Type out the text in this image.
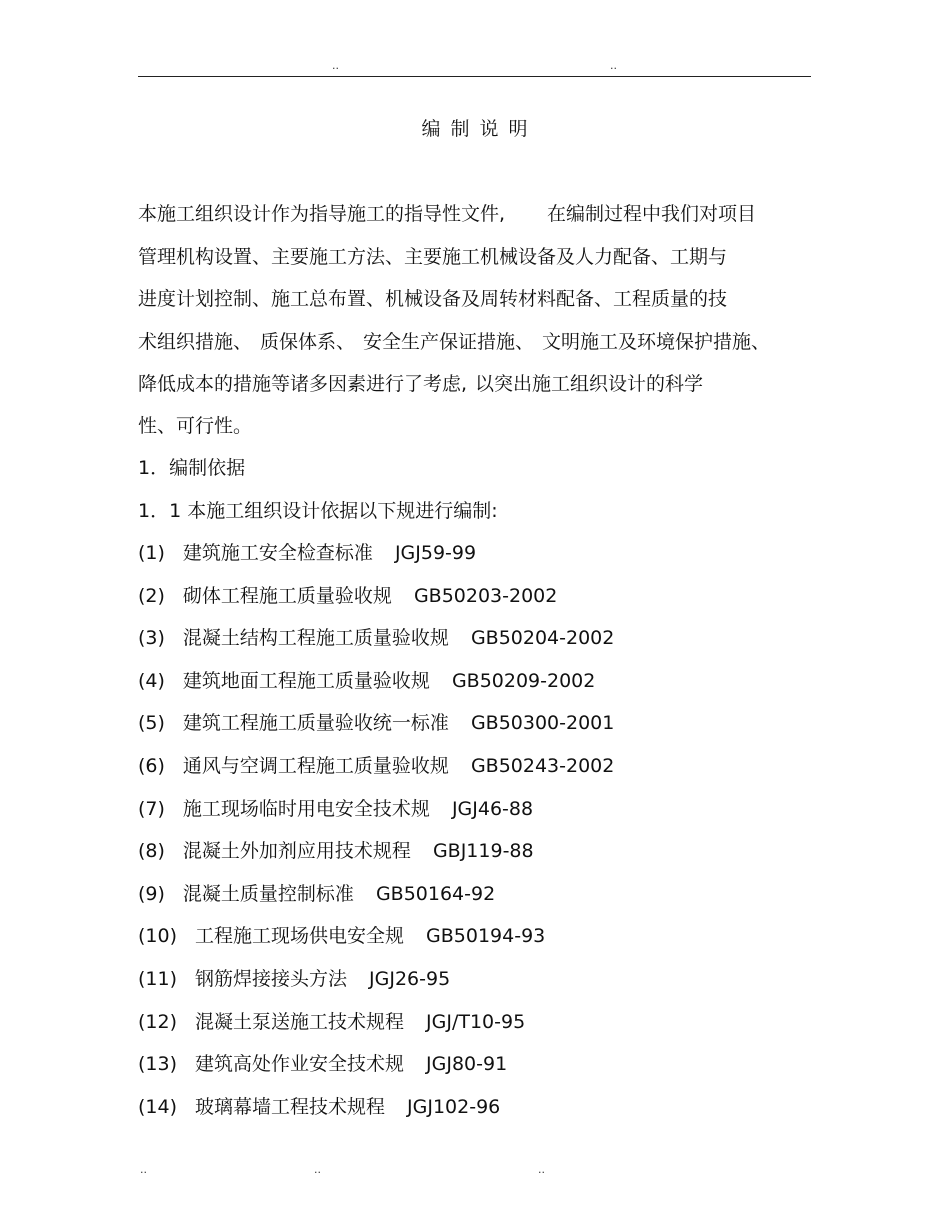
..	..
编制说明
本施工组织设计作为指导施工的指导性文件, 在编制过程中我们对项目
管理机构设置、主要施工方法、主要施工机械设备及人力配备、工期与
进度计划控制、施工总布置、机械设备及周转材料配备、工程质量的技
术组织措施、 质保体系、 安全生产保证措施、 文明施工及环境保护措施、
降低成本的措施等诸多因素进行了考虑, 以突出施工组织设计的科学
性、可行性。
1．编制依据
1．1 本施工组织设计依据以下规进行编制:
(1) 建筑施工安全检查标准 JGJ59-99
(2) 砌体工程施工质量验收规 GB50203-2002
(3) 混凝土结构工程施工质量验收规 GB50204-2002
(4) 建筑地面工程施工质量验收规 GB50209-2002
(5) 建筑工程施工质量验收统一标准 GB50300-2001
(6) 通风与空调工程施工质量验收规 GB50243-2002
(7) 施工现场临时用电安全技术规 JGJ46-88
(8) 混凝土外加剂应用技术规程 GBJ119-88
(9) 混凝土质量控制标准 GB50164-92
(10) 工程施工现场供电安全规 GB50194-93
(11) 钢筋焊接接头方法 JGJ26-95
(12) 混凝土泵送施工技术规程 JGJ/T10-95
(13) 建筑高处作业安全技术规 JGJ80-91
(14) 玻璃幕墙工程技术规程 JGJ102-96
..	..	..
